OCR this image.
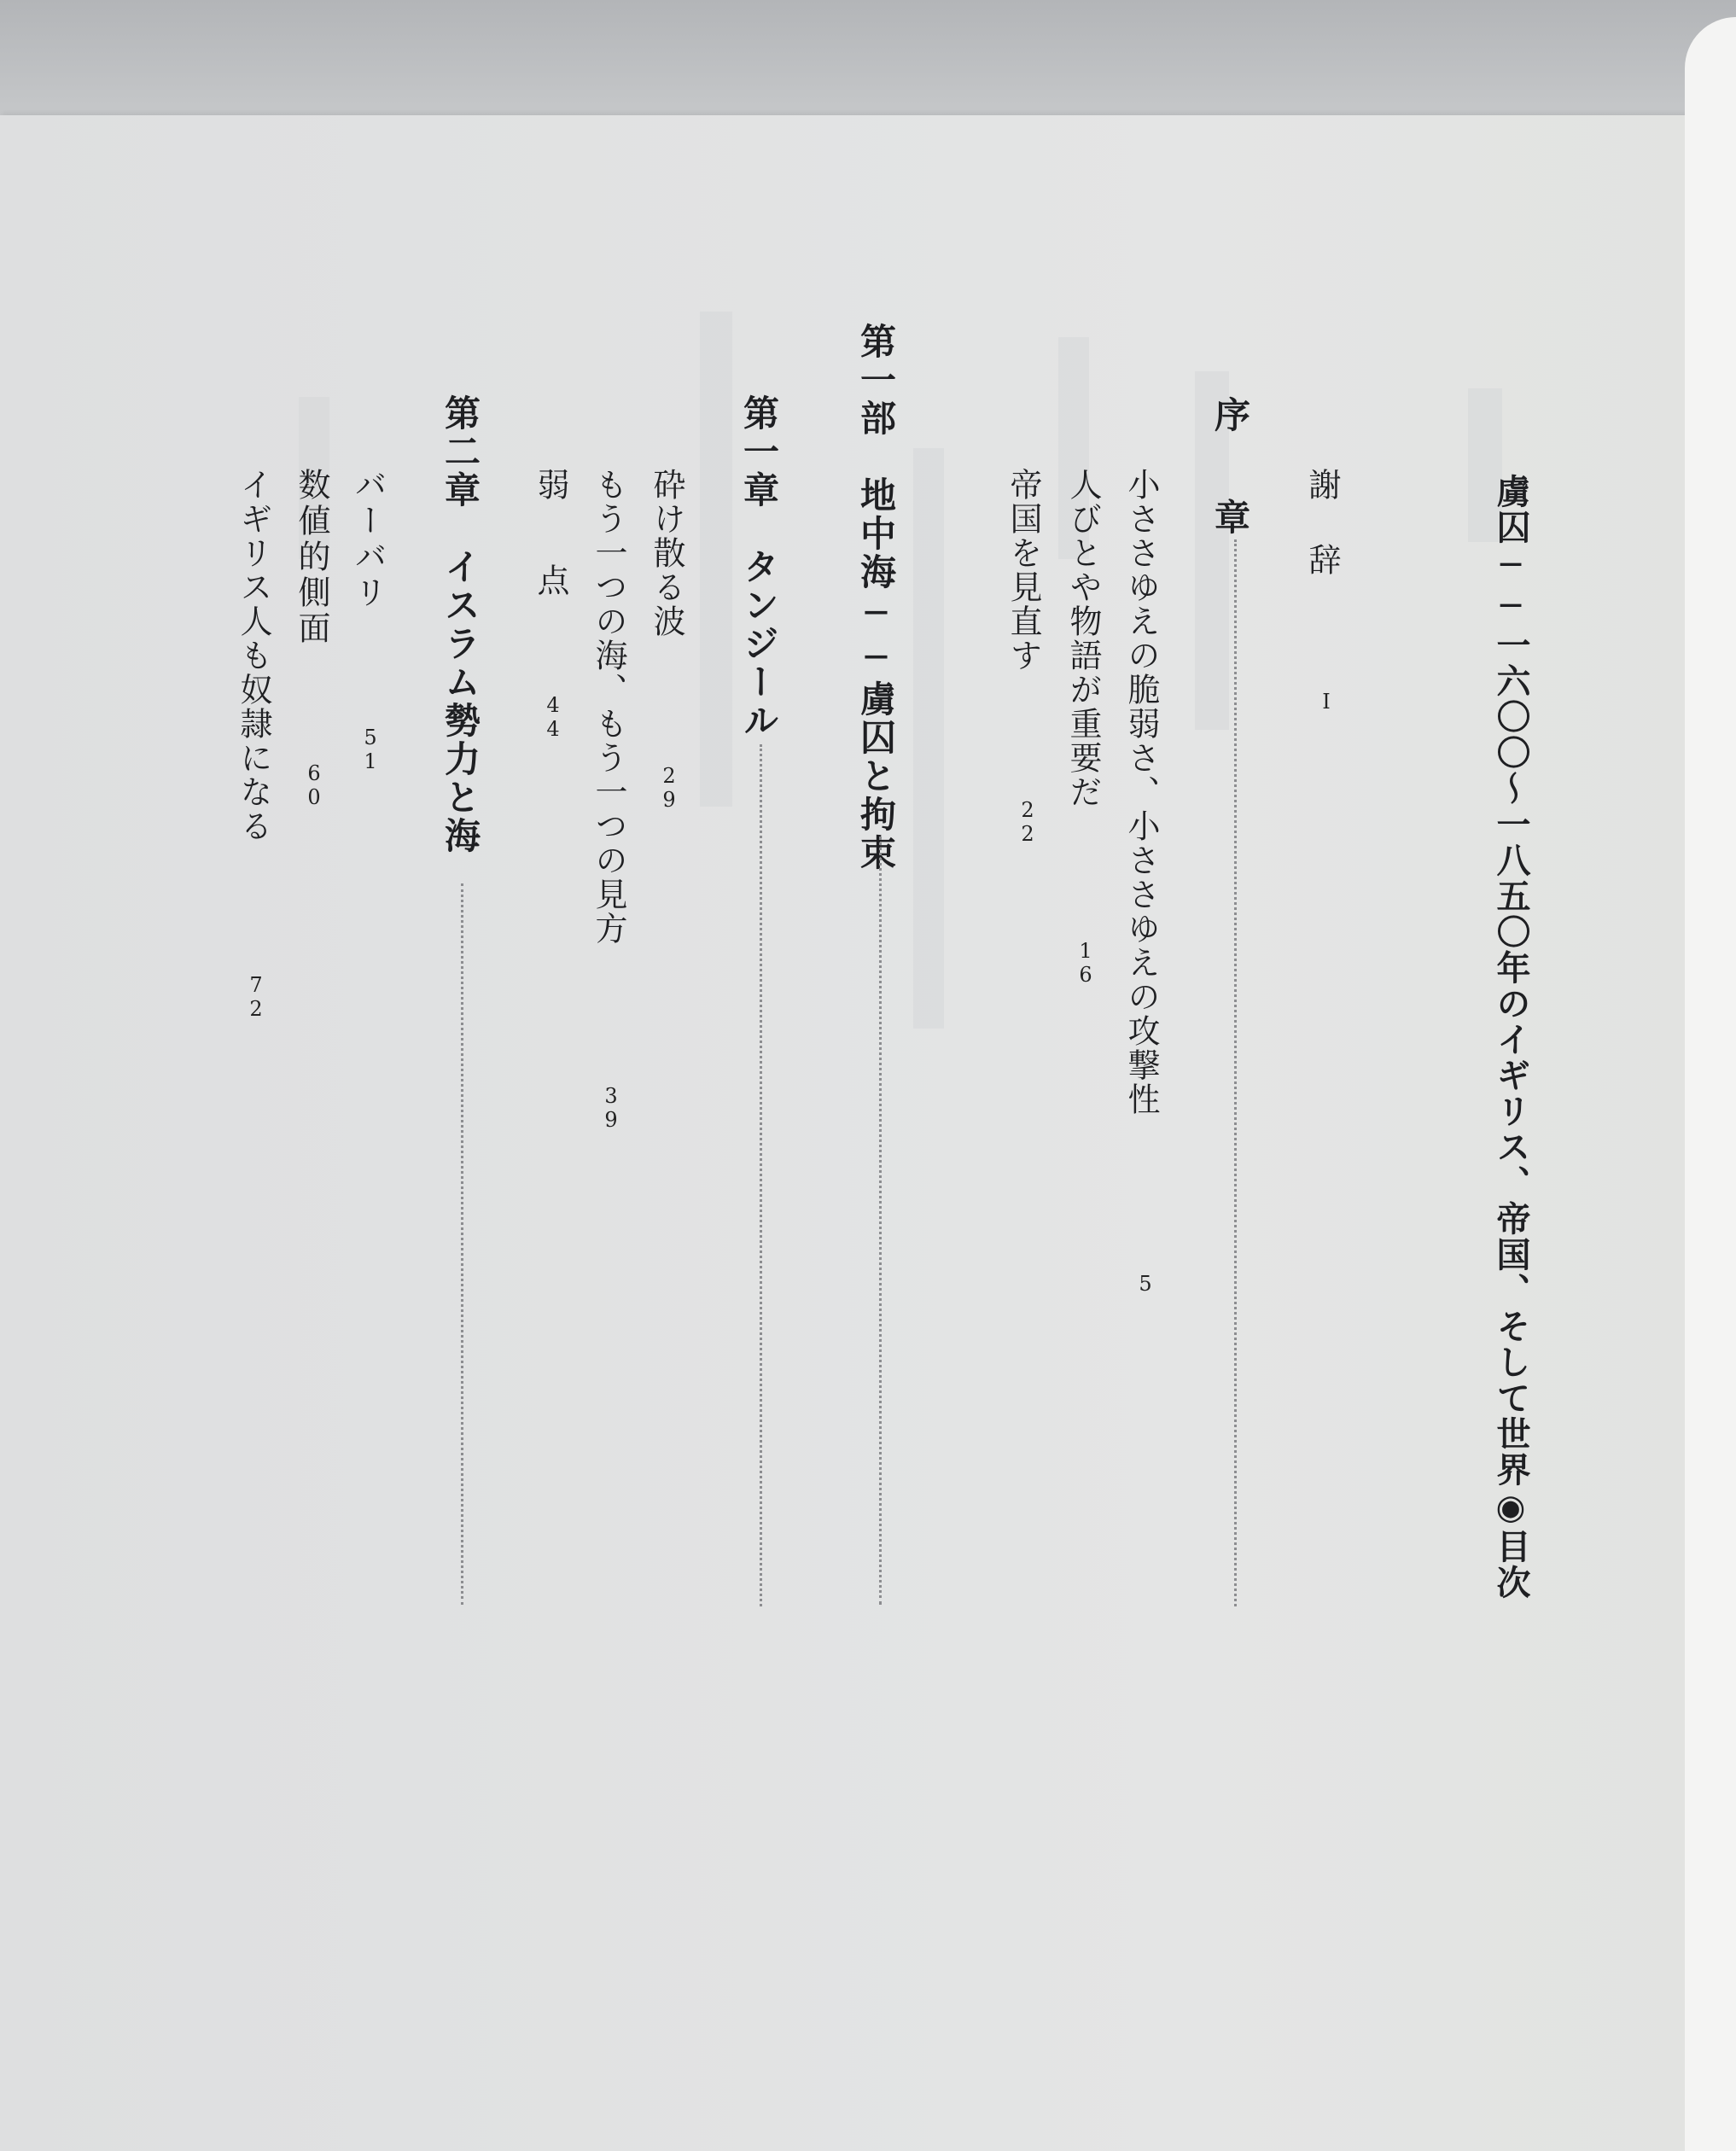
虜囚──一六〇〇〜一八五〇年のイギリス、帝国、そして世界◉目次
謝　辞
I
序　章
小ささゆえの脆弱さ、小ささゆえの攻撃性
5
人びとや物語が重要だ
16
帝国を見直す
22
第一部　地中海──虜囚と拘束
第一章　タンジール
砕け散る波
29
もう一つの海、もう一つの見方
39
弱　点
44
第二章　イスラム勢力と海
バーバリ
51
数値的側面
60
イギリス人も奴隷になる
72
